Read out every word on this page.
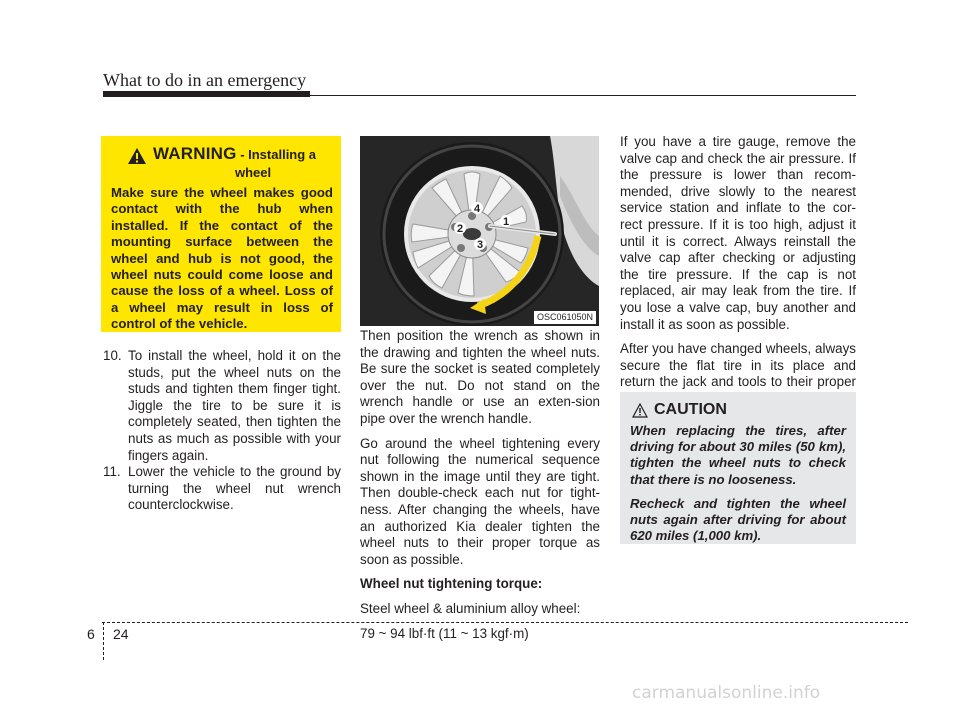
What to do in an emergency
WARNING - Installing a
wheel

Make sure the wheel makes good contact with the hub when installed. If the contact of the mounting surface between the wheel and hub is not good, the wheel nuts could come loose and cause the loss of a wheel. Loss of a wheel may result in loss of control of the vehicle.

10. To install the wheel, hold it on the studs, put the wheel nuts on the studs and tighten them finger tight. Jiggle the tire to be sure it is completely seated, then tighten the nuts as much as possible with your fingers again.
11. Lower the vehicle to the ground by turning the wheel nut wrench counterclockwise.
1
2
3
4
OSC061050N

Then position the wrench as shown in the drawing and tighten the wheel nuts. Be sure the socket is seated completely over the nut. Do not stand on the wrench handle or use an exten-sion pipe over the wrench handle.

Go around the wheel tightening every nut following the numerical sequence shown in the image until they are tight. Then double-check each nut for tight-ness. After changing the wheels, have an authorized Kia dealer tighten the wheel nuts to their proper torque as soon as possible.

Wheel nut tightening torque:

Steel wheel & aluminium alloy wheel:

79 ~ 94 lbf·ft (11 ~ 13 kgf·m)

If you have a tire gauge, remove the valve cap and check the air pressure. If the pressure is lower than recom-mended, drive slowly to the nearest service station and inflate to the cor-rect pressure. If it is too high, adjust it until it is correct. Always reinstall the valve cap after checking or adjusting the tire pressure. If the cap is not replaced, air may leak from the tire. If you lose a valve cap, buy another and install it as soon as possible.

After you have changed wheels, always secure the flat tire in its place and return the jack and tools to their proper

CAUTION

When replacing the tires, after driving for about 30 miles (50 km), tighten the wheel nuts to check that there is no looseness.

Recheck and tighten the wheel nuts again after driving for about 620 miles (1,000 km).

6 24
carmanualsonline.info
